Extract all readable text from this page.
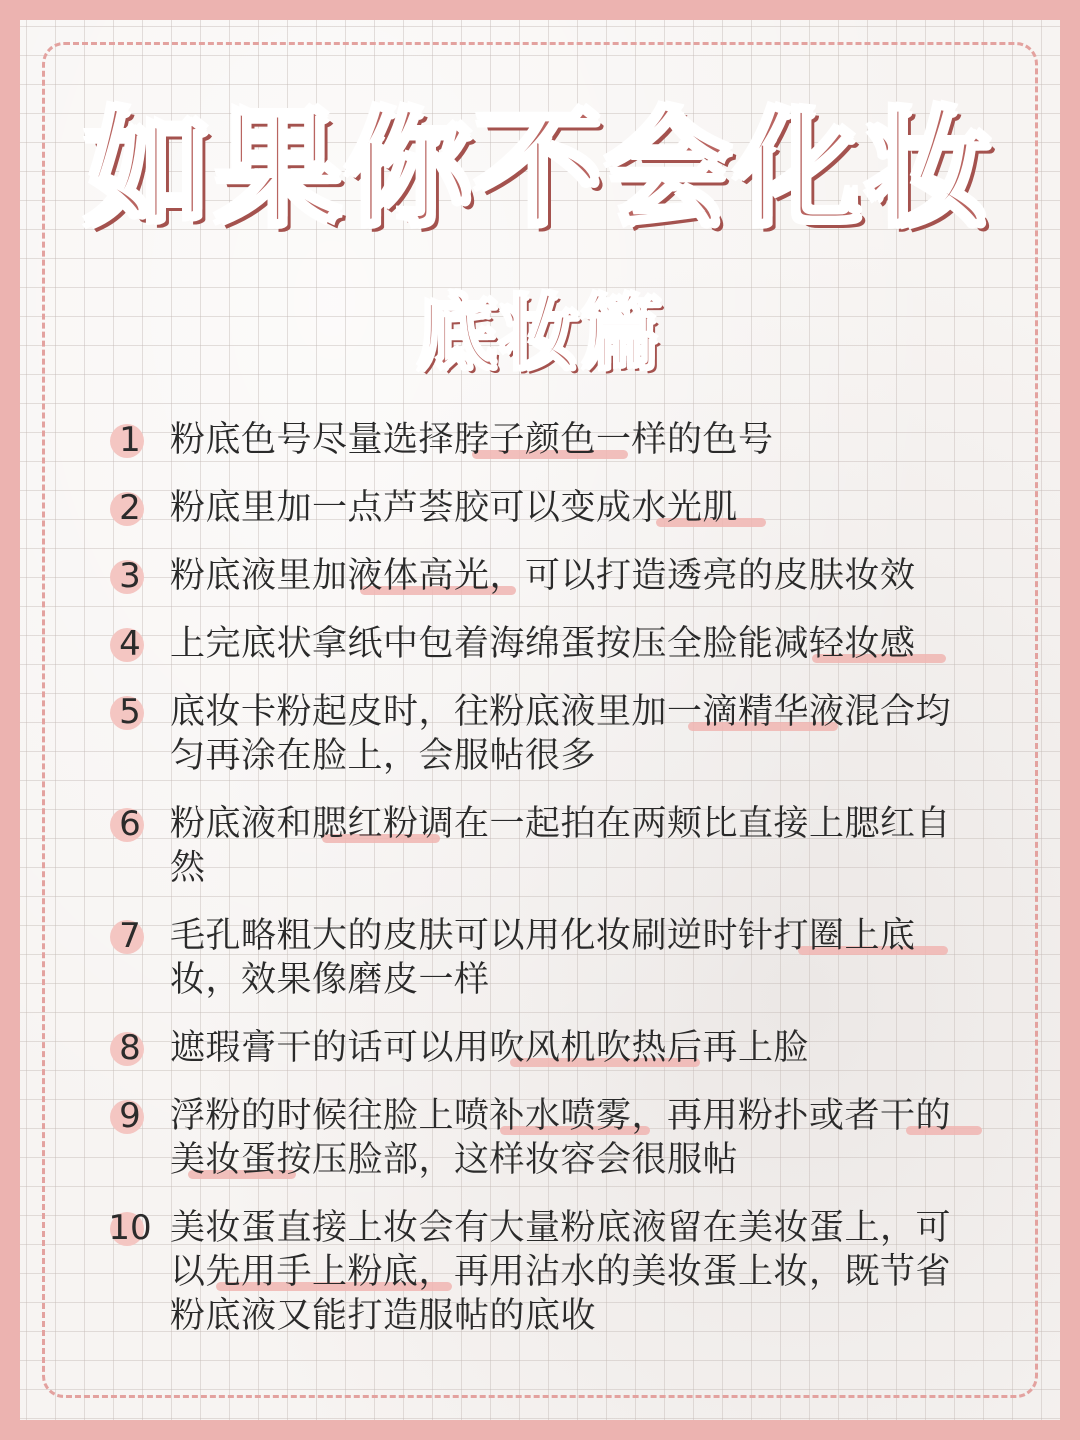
如果你不会化妆
底妆篇
1 粉底色号尽量选择脖子颜色一样的色号
2 粉底里加一点芦荟胶可以变成水光肌
3 粉底液里加液体高光，可以打造透亮的皮肤妆效
4 上完底状拿纸中包着海绵蛋按压全脸能减轻妆感
5 底妆卡粉起皮时，往粉底液里加一滴精华液混合均匀再涂在脸上，会服帖很多
6 粉底液和腮红粉调在一起拍在两颊比直接上腮红自然
7 毛孔略粗大的皮肤可以用化妆刷逆时针打圈上底妆，效果像磨皮一样
8 遮瑕膏干的话可以用吹风机吹热后再上脸
9 浮粉的时候往脸上喷补水喷雾，再用粉扑或者干的美妆蛋按压脸部，这样妆容会很服帖
10 美妆蛋直接上妆会有大量粉底液留在美妆蛋上，可以先用手上粉底，再用沾水的美妆蛋上妆，既节省粉底液又能打造服帖的底收
